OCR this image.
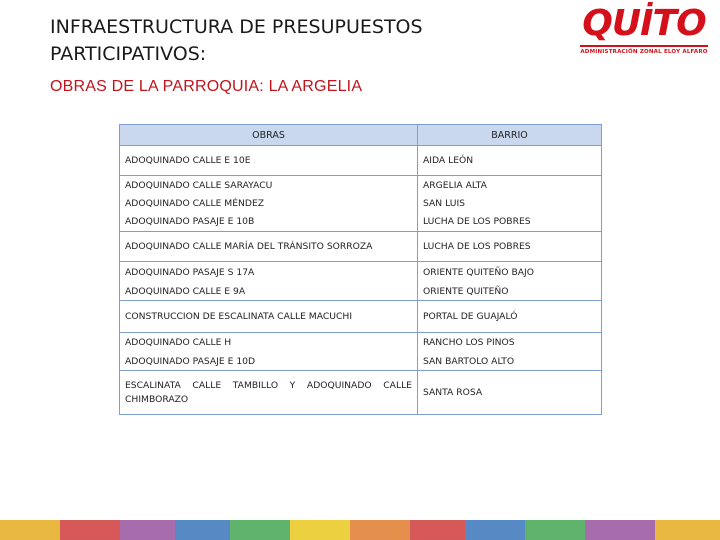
INFRAESTRUCTURA DE PRESUPUESTOS PARTICIPATIVOS:
OBRAS DE LA PARROQUIA: LA ARGELIA
QUİTO
ADMINISTRACIÓN ZONAL ELOY ALFARO
OBRAS	BARRIO
ADOQUINADO CALLE E 10E	AIDA LEÓN
ADOQUINADO CALLE SARAYACU	ARGELIA ALTA
ADOQUINADO CALLE MÉNDEZ	SAN LUIS
ADOQUINADO PASAJE E 10B	LUCHA DE LOS POBRES
ADOQUINADO CALLE MARÍA DEL TRÁNSITO SORROZA	LUCHA DE LOS POBRES
ADOQUINADO PASAJE S 17A	ORIENTE QUITEÑO BAJO
ADOQUINADO CALLE E 9A	ORIENTE QUITEÑO
CONSTRUCCION DE ESCALINATA CALLE MACUCHI	PORTAL DE GUAJALÓ
ADOQUINADO CALLE H	RANCHO LOS PINOS
ADOQUINADO PASAJE E 10D	SAN BARTOLO ALTO
ESCALINATA CALLE TAMBILLO Y ADOQUINADO CALLE CHIMBORAZO	SANTA ROSA
